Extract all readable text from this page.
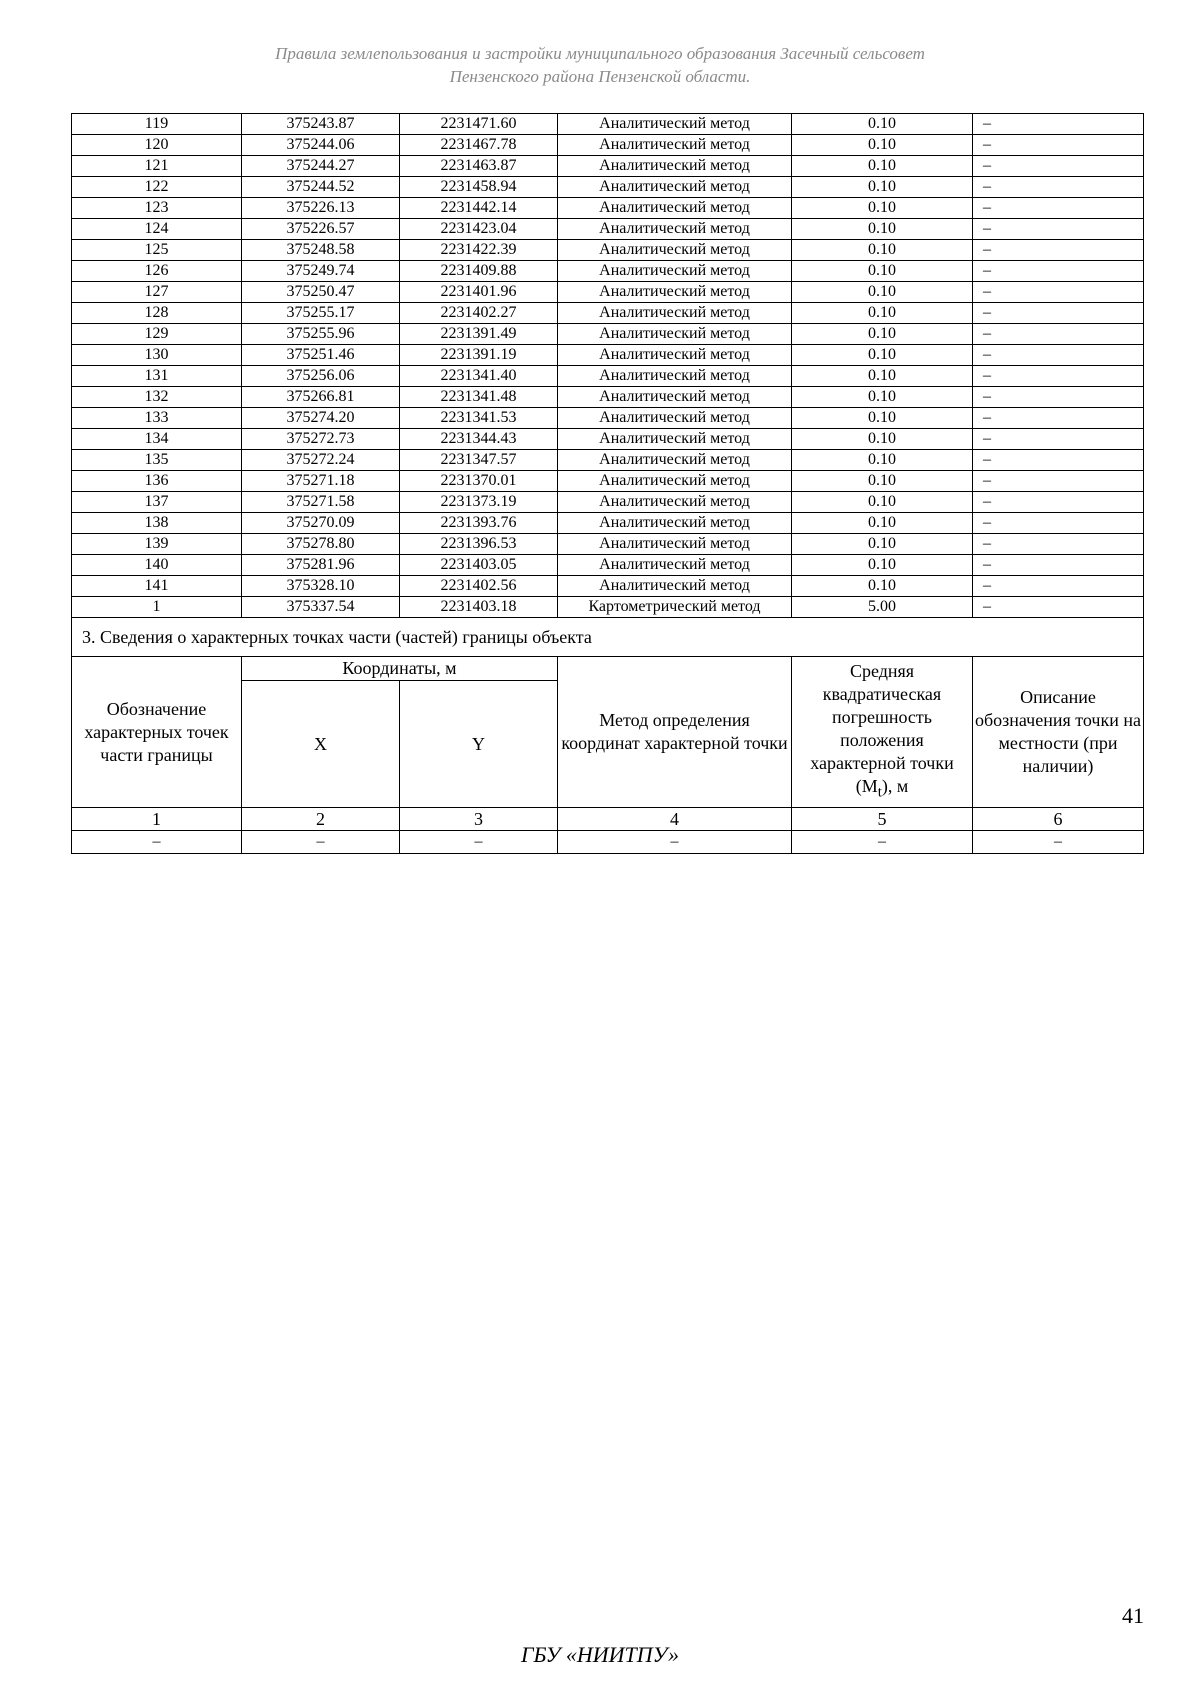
Правила землепользования и застройки муниципального образования Засечный сельсовет
Пензенского района Пензенской области.
119	375243.87	2231471.60	Аналитический метод	0.10	–
120	375244.06	2231467.78	Аналитический метод	0.10	–
121	375244.27	2231463.87	Аналитический метод	0.10	–
122	375244.52	2231458.94	Аналитический метод	0.10	–
123	375226.13	2231442.14	Аналитический метод	0.10	–
124	375226.57	2231423.04	Аналитический метод	0.10	–
125	375248.58	2231422.39	Аналитический метод	0.10	–
126	375249.74	2231409.88	Аналитический метод	0.10	–
127	375250.47	2231401.96	Аналитический метод	0.10	–
128	375255.17	2231402.27	Аналитический метод	0.10	–
129	375255.96	2231391.49	Аналитический метод	0.10	–
130	375251.46	2231391.19	Аналитический метод	0.10	–
131	375256.06	2231341.40	Аналитический метод	0.10	–
132	375266.81	2231341.48	Аналитический метод	0.10	–
133	375274.20	2231341.53	Аналитический метод	0.10	–
134	375272.73	2231344.43	Аналитический метод	0.10	–
135	375272.24	2231347.57	Аналитический метод	0.10	–
136	375271.18	2231370.01	Аналитический метод	0.10	–
137	375271.58	2231373.19	Аналитический метод	0.10	–
138	375270.09	2231393.76	Аналитический метод	0.10	–
139	375278.80	2231396.53	Аналитический метод	0.10	–
140	375281.96	2231403.05	Аналитический метод	0.10	–
141	375328.10	2231402.56	Аналитический метод	0.10	–
1	375337.54	2231403.18	Картометрический метод	5.00	–
3. Сведения о характерных точках части (частей) границы объекта					
Обозначение характерных точек части границы	Координаты, м		Метод определения координат характерной точки	Средняя квадратическая погрешность положения характерной точки $(M_t)$, м	Описание обозначения точки на местности (при наличии)
	X	Y			
1	2	3	4	5	6
–	–	–	–	–	–
41
ГБУ «НИИТПУ»
